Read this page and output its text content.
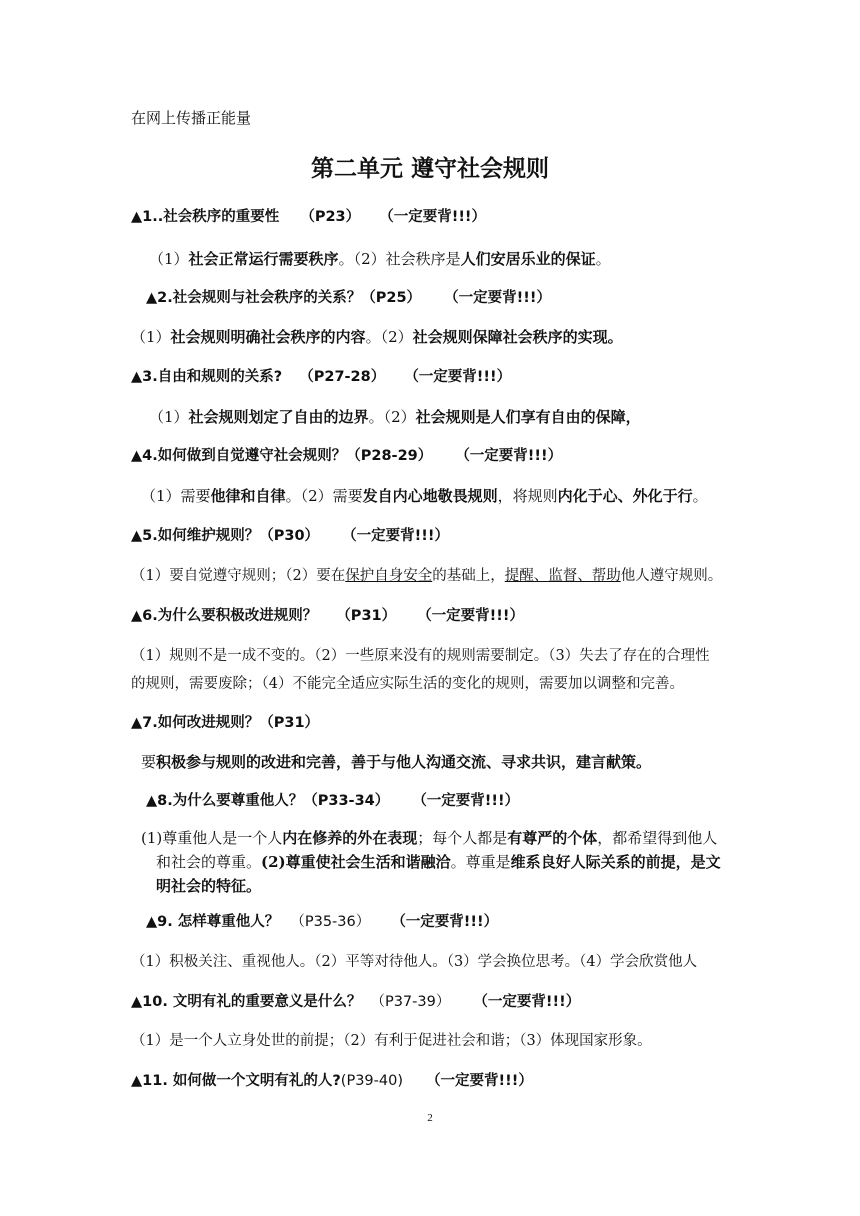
在网上传播正能量
第二单元 遵守社会规则
▲1..社会秩序的重要性 （P23） （一定要背!!!）
（1）社会正常运行需要秩序。（2）社会秩序是人们安居乐业的保证。
▲2.社会规则与社会秩序的关系？（P25） （一定要背!!!）
（1）社会规则明确社会秩序的内容。（2）社会规则保障社会秩序的实现。
▲3.自由和规则的关系? （P27-28） （一定要背!!!）
（1）社会规则划定了自由的边界。（2）社会规则是人们享有自由的保障，
▲4.如何做到自觉遵守社会规则？（P28-29） （一定要背!!!）
（1）需要他律和自律。（2）需要发自内心地敬畏规则，将规则内化于心、外化于行。
▲5.如何维护规则？（P30） （一定要背!!!）
（1）要自觉遵守规则；（2）要在保护自身安全的基础上，提醒、监督、帮助他人遵守规则。
▲6.为什么要积极改进规则？ （P31） （一定要背!!!）
（1）规则不是一成不变的。（2）一些原来没有的规则需要制定。（3）失去了存在的合理性
的规则，需要废除；（4）不能完全适应实际生活的变化的规则，需要加以调整和完善。
▲7.如何改进规则？（P31）
要积极参与规则的改进和完善，善于与他人沟通交流、寻求共识，建言献策。
▲8.为什么要尊重他人？（P33-34） （一定要背!!!）
(1)尊重他人是一个人内在修养的外在表现；每个人都是有尊严的个体，都希望得到他人
和社会的尊重。(2)尊重使社会生活和谐融洽。尊重是维系良好人际关系的前提，是文
明社会的特征。
▲9. 怎样尊重他人？ （P35-36） （一定要背!!!）
（1）积极关注、重视他人。（2）平等对待他人。（3）学会换位思考。（4）学会欣赏他人
▲10. 文明有礼的重要意义是什么？ （P37-39） （一定要背!!!）
（1）是一个人立身处世的前提；（2）有利于促进社会和谐；（3）体现国家形象。
▲11. 如何做一个文明有礼的人?(P39-40) （一定要背!!!）
2
